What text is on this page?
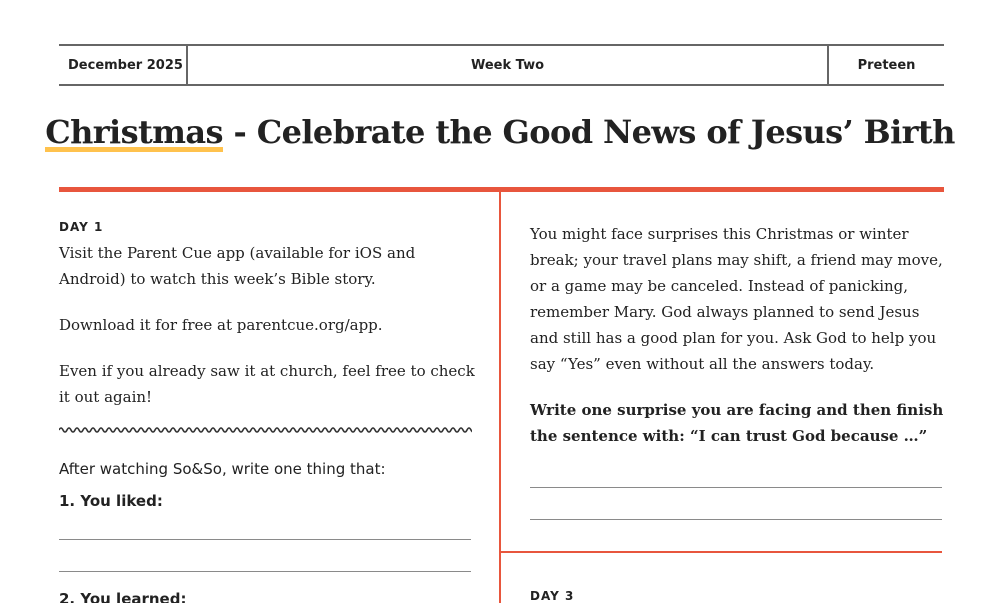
December 2025	Week Two	Preteen
Christmas - Celebrate the Good News of Jesus’ Birth
DAY 1

Visit the Parent Cue app (available for iOS and Android) to watch this week’s Bible story.

Download it for free at parentcue.org/app.

Even if you already saw it at church, feel free to check it out again!

After watching So&So, write one thing that:

1. You liked:

2. You learned:

You might face surprises this Christmas or winter break; your travel plans may shift, a friend may move, or a game may be canceled. Instead of panicking, remember Mary. God always planned to send Jesus and still has a good plan for you. Ask God to help you say “Yes” even without all the answers today.

Write one surprise you are facing and then finish the sentence with: “I can trust God because …”

DAY 3
